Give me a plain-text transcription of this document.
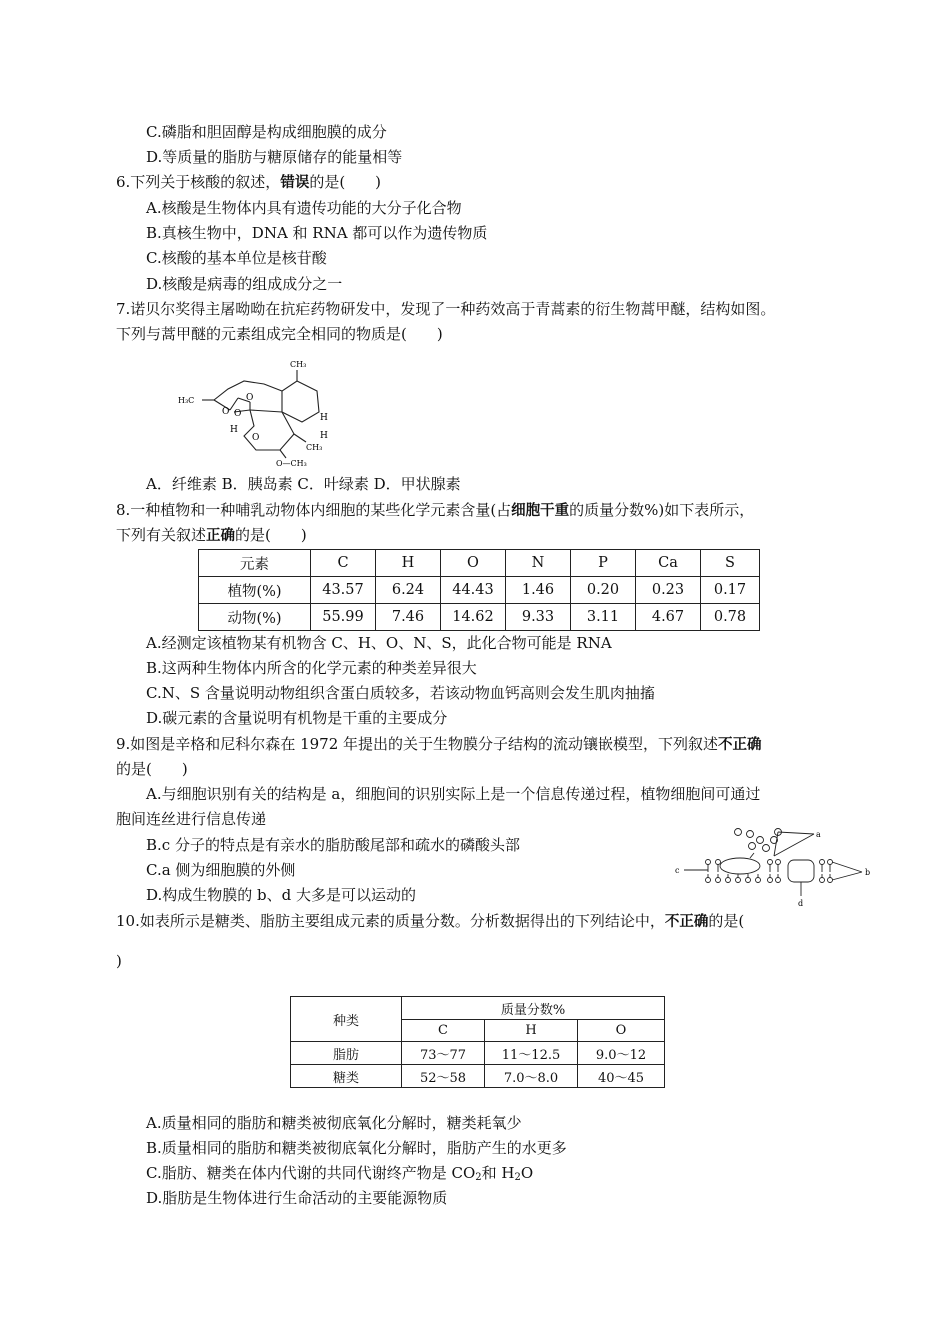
C.磷脂和胆固醇是构成细胞膜的成分
D.等质量的脂肪与糖原储存的能量相等
6.下列关于核酸的叙述，错误的是(　　)
A.核酸是生物体内具有遗传功能的大分子化合物
B.真核生物中，DNA 和 RNA 都可以作为遗传物质
C.核酸的基本单位是核苷酸
D.核酸是病毒的组成成分之一
7.诺贝尔奖得主屠呦呦在抗疟药物研发中，发现了一种药效高于青蒿素的衍生物蒿甲醚，结构如图。
下列与蒿甲醚的元素组成完全相同的物质是(　　)
O
O
O
O
CH₃
H₃C
H
H
H
CH₃
O—CH₃
A．纤维素 B．胰岛素 C．叶绿素 D．甲状腺素
8.一种植物和一种哺乳动物体内细胞的某些化学元素含量(占细胞干重的质量分数%)如下表所示，
下列有关叙述正确的是(　　)
元素	C	H	O	N	P	Ca	S
植物(%)	43.57	6.24	44.43	1.46	0.20	0.23	0.17
动物(%)	55.99	7.46	14.62	9.33	3.11	4.67	0.78
A.经测定该植物某有机物含 C、H、O、N、S，此化合物可能是 RNA
B.这两种生物体内所含的化学元素的种类差异很大
C.N、S 含量说明动物组织含蛋白质较多，若该动物血钙高则会发生肌肉抽搐
D.碳元素的含量说明有机物是干重的主要成分
9.如图是辛格和尼科尔森在 1972 年提出的关于生物膜分子结构的流动镶嵌模型，下列叙述不正确
的是(　　)
A.与细胞识别有关的结构是 a，细胞间的识别实际上是一个信息传递过程，植物细胞间可通过
胞间连丝进行信息传递
B.c 分子的特点是有亲水的脂肪酸尾部和疏水的磷酸头部
C.a 侧为细胞膜的外侧
D.构成生物膜的 b、d 大多是可以运动的
a
b
c
d
10.如表所示是糖类、脂肪主要组成元素的质量分数。分析数据得出的下列结论中，不正确的是(
)
种类	质量分数%		
	C	H	O
脂肪	73～77	11～12.5	9.0～12
糖类	52～58	7.0～8.0	40～45
A.质量相同的脂肪和糖类被彻底氧化分解时，糖类耗氧少
B.质量相同的脂肪和糖类被彻底氧化分解时，脂肪产生的水更多
C.脂肪、糖类在体内代谢的共同代谢终产物是 $CO_2$和 $H_2O$
D.脂肪是生物体进行生命活动的主要能源物质
